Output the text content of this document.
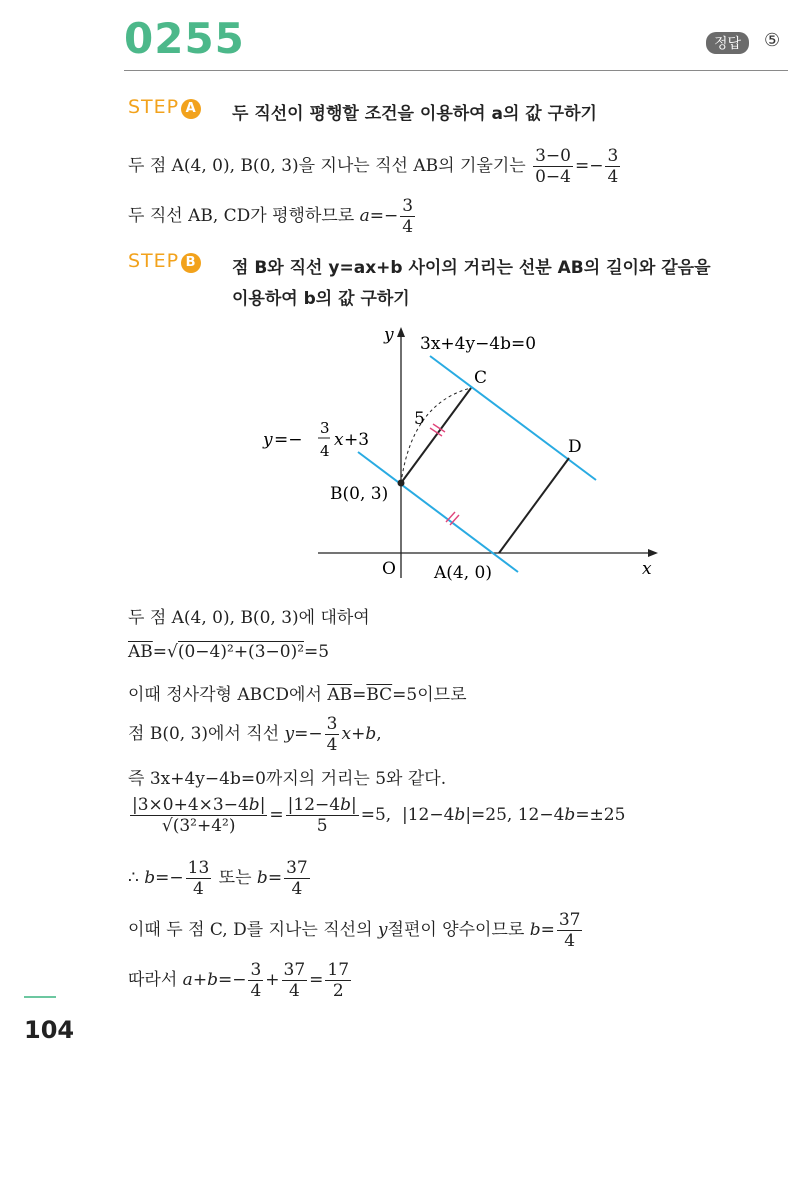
0255	정답	⑤
STEP A 두 직선이 평행할 조건을 이용하여 a의 값 구하기
두 점 A(4, 0), B(0, 3)을 지나는 직선 AB의 기울기는 $\frac{3-0}{0-4} =- \frac{3}{4}$
두 직선 AB, CD가 평행하므로 $a=- \frac{3}{4}$
STEP B 점 B와 직선 y=ax+b 사이의 거리는 선분 AB의 길이와 같음을
이용하여 b의 값 구하기
y
x
O
3x+4y−4b=0
C
D
5
B(0, 3)
A(4, 0)
y =−
3
4
x +3
두 점 A(4, 0), B(0, 3)에 대하여
$\overline{AB}=√(0-4)^2+(3-0)^2=5$
이때 정사각형 ABCD에서 $\overline{AB}=\overline{BC}=5$이므로
점 B(0, 3)에서 직선 $y=- \frac{3}{4} x+b$,
즉 3x+4y−4b=0까지의 거리는 5와 같다.
$\frac{|3\times 0+4\times 3-4b|}{\text{√(3²+4²)}} = \frac{|12-4b|}{5} =5$,  |12−4b|=25, 12−4b=±25
∴ $b=- \frac{13}{4}$ 또는 $b= \frac{37}{4}$
이때 두 점 C, D를 지나는 직선의 y절편이 양수이므로 $b= \frac{37}{4}$
따라서 $a+b=- \frac{3}{4} + \frac{37}{4} = \frac{17}{2}$
104
